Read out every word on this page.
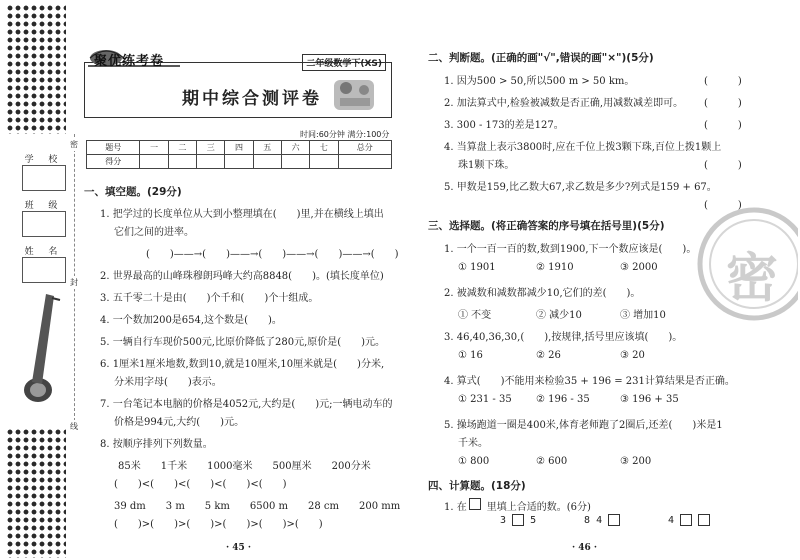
学 校
班 级
姓 名
密
封
线
聚优练考卷	二年级数学下(XS)
期中综合测评卷
时间:60分钟 满分:100分
题号	一	二	三	四	五	六	七	总分
得分								
一、填空题。(29分)
1. 把学过的长度单位从大到小整理填在(　　)里,并在横线上填出
它们之间的进率。
(　　)——→(　　)——→(　　)——→(　　)——→(　　)
2. 世界最高的山峰珠穆朗玛峰大约高8848(　　)。(填长度单位)
3. 五千零二十是由(　　)个千和(　　)个十组成。
4. 一个数加200是654,这个数是(　　)。
5. 一辆自行车现价500元,比原价降低了280元,原价是(　　)元。
6. 1厘米1厘米地数,数到10,就是10厘米,10厘米就是(　　)分米,
分米用字母(　　)表示。
7. 一台笔记本电脑的价格是4052元,大约是(　　)元;一辆电动车的
价格是994元,大约(　　)元。
8. 按顺序排列下列数量。
85米　　1千米　　1000毫米　　500厘米　　200分米
(　　)<(　　)<(　　)<(　　)<(　　)
39 dm　　3 m　　5 km　　6500 m　　28 cm　　200 mm
(　　)>(　　)>(　　)>(　　)>(　　)>(　　)
· 45 ·
二、判断题。(正确的画"√",错误的画"×")(5分)
1. 因为500 > 50,所以500 m > 50 km。	(　　　)
2. 加法算式中,检验被减数是否正确,用减数减差即可。 (　　　)
3. 300 - 173的差是127。	(　　　)
4. 当算盘上表示3800时,应在千位上拨3颗下珠,百位上拨1颗上
珠1颗下珠。	(　　　)
5. 甲数是159,比乙数大67,求乙数是多少?列式是159 + 67。
(　　　)
三、选择题。(将正确答案的序号填在括号里)(5分)
1. 一个一百一百的数,数到1900,下一个数应该是(　　)。
① 1901	② 1910	③ 2000
2. 被减数和减数都减少10,它们的差(　　)。
① 不变	② 减少10	③ 增加10
3. 46,40,36,30,(　　),按规律,括号里应该填(　　)。
① 16	② 26	③ 20
4. 算式(　　)不能用来检验35 + 196 = 231计算结果是否正确。
① 231 - 35 ② 196 - 35	③ 196 + 35
5. 操场跑道一圈是400米,体育老师跑了2圈后,还差(　　)米是1
千米。
① 800	② 600	③ 200
四、计算题。(18分)
1. 在　　里填上合适的数。(6分)
3  5	8 4	4
· 46 ·
密
